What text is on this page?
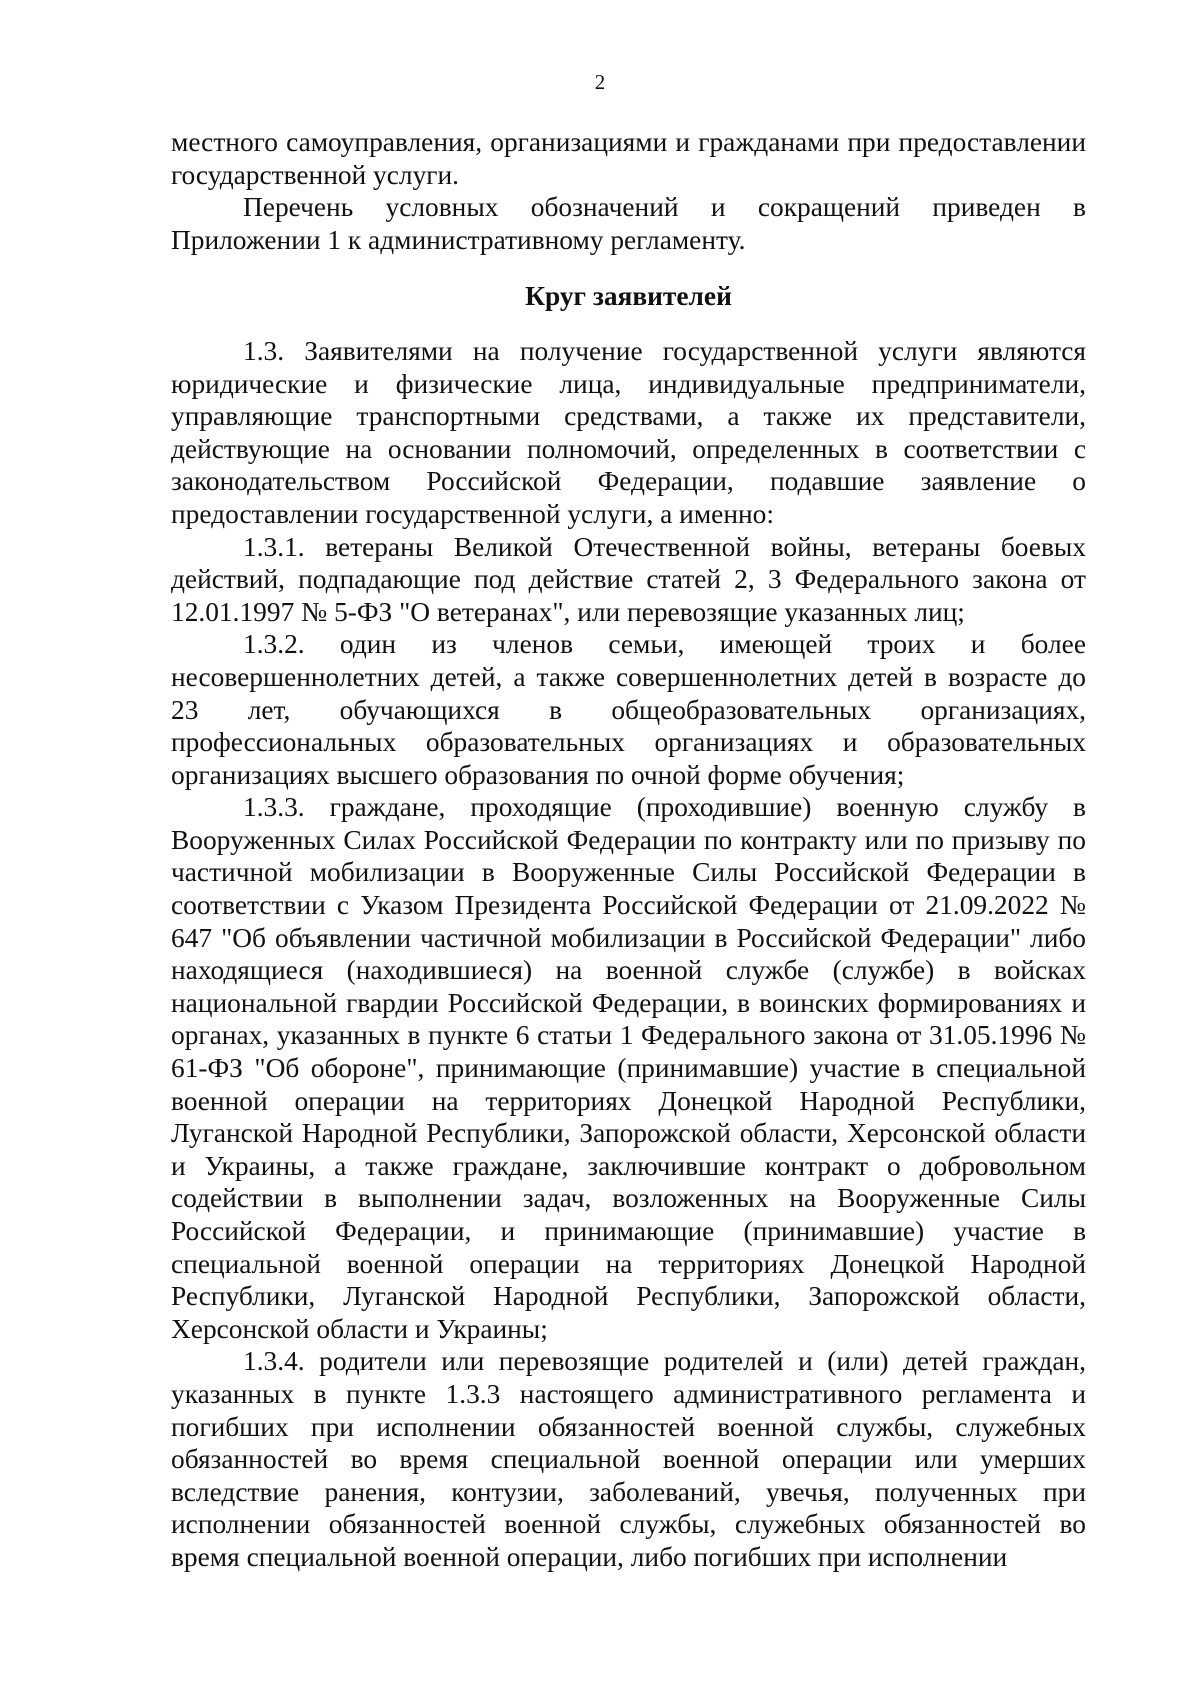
2

местного самоуправления, организациями и гражданами при предоставлении государственной услуги.

Перечень условных обозначений и сокращений приведен в Приложении 1 к административному регламенту.

Круг заявителей

1.3. Заявителями на получение государственной услуги являются юридические и физические лица, индивидуальные предприниматели, управляющие транспортными средствами, а также их представители, действующие на основании полномочий, определенных в соответствии с законодательством Российской Федерации, подавшие заявление о предоставлении государственной услуги, а именно:

1.3.1. ветераны Великой Отечественной войны, ветераны боевых действий, подпадающие под действие статей 2, 3 Федерального закона от 12.01.1997 № 5-ФЗ "О ветеранах", или перевозящие указанных лиц;

1.3.2. один из членов семьи, имеющей троих и более несовершеннолетних детей, а также совершеннолетних детей в возрасте до 23 лет, обучающихся в общеобразовательных организациях, профессиональных образовательных организациях и образовательных организациях высшего образования по очной форме обучения;

1.3.3. граждане, проходящие (проходившие) военную службу в Вооруженных Силах Российской Федерации по контракту или по призыву по частичной мобилизации в Вооруженные Силы Российской Федерации в соответствии с Указом Президента Российской Федерации от 21.09.2022 № 647 "Об объявлении частичной мобилизации в Российской Федерации" либо находящиеся (находившиеся) на военной службе (службе) в войсках национальной гвардии Российской Федерации, в воинских формированиях и органах, указанных в пункте 6 статьи 1 Федерального закона от 31.05.1996 № 61-ФЗ "Об обороне", принимающие (принимавшие) участие в специальной военной операции на территориях Донецкой Народной Республики, Луганской Народной Республики, Запорожской области, Херсонской области и Украины, а также граждане, заключившие контракт о добровольном содействии в выполнении задач, возложенных на Вооруженные Силы Российской Федерации, и принимающие (принимавшие) участие в специальной военной операции на территориях Донецкой Народной Республики, Луганской Народной Республики, Запорожской области, Херсонской области и Украины;

1.3.4. родители или перевозящие родителей и (или) детей граждан, указанных в пункте 1.3.3 настоящего административного регламента и погибших при исполнении обязанностей военной службы, служебных обязанностей во время специальной военной операции или умерших вследствие ранения, контузии, заболеваний, увечья, полученных при исполнении обязанностей военной службы, служебных обязанностей во время специальной военной операции, либо погибших при исполнении
